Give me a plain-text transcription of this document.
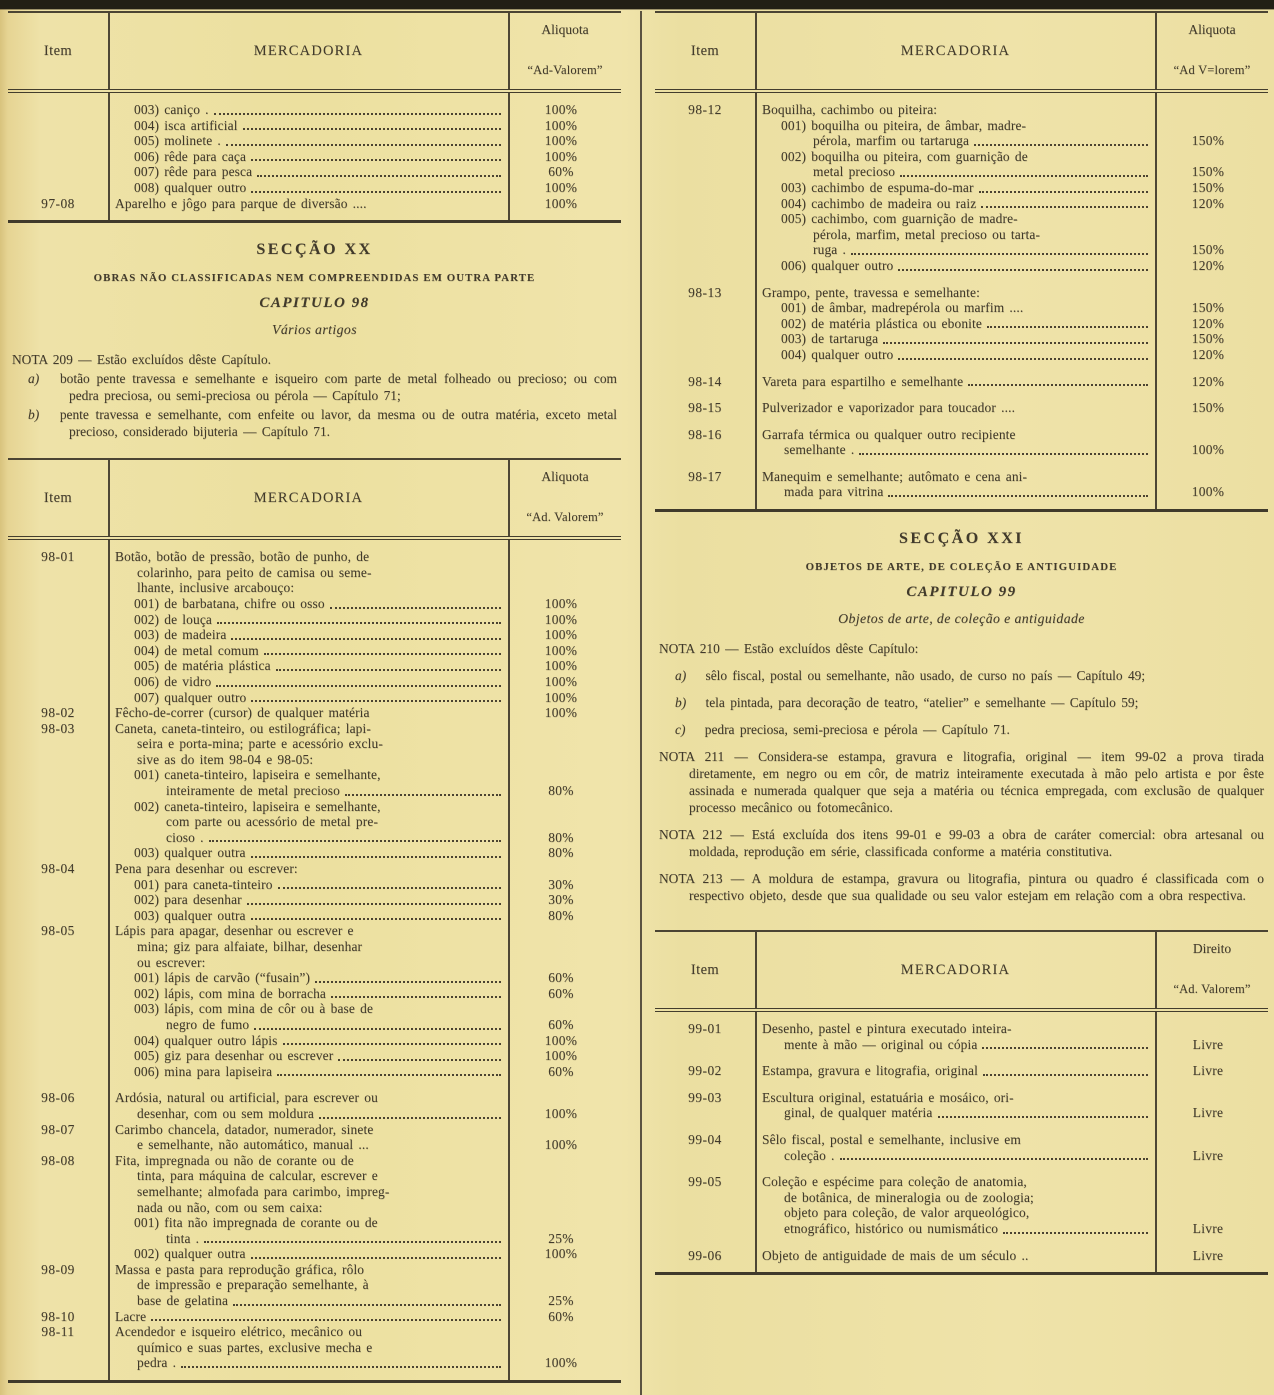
Item	MERCADORIA
Aliquota
“Ad-Valorem”
003) caniço .	100%
004) isca artificial	100%
005) molinete .	100%
006) rêde para caça	100%
007) rêde para pesca	60%
008) qualquer outro	100%
97-08	Aparelho e jôgo para parque de diversão ....	100%
SECÇÃO XX
OBRAS NÃO CLASSIFICADAS NEM COMPREENDIDAS EM OUTRA PARTE
CAPITULO 98
Vários artigos

NOTA 209 — Estão excluídos dêste Capítulo.

a) botão pente travessa e semelhante e isqueiro com parte de metal folheado ou precioso; ou com pedra preciosa, ou semi-preciosa ou pérola — Capítulo 71;

b) pente travessa e semelhante, com enfeite ou lavor, da mesma ou de outra matéria, exceto metal precioso, considerado bijuteria — Capítulo 71.

Item	MERCADORIA
Aliquota
“Ad. Valorem”
98-01	Botão, botão de pressão, botão de punho, de
colarinho, para peito de camisa ou seme-
lhante, inclusive arcabouço:
001) de barbatana, chifre ou osso	100%
002) de louça	100%
003) de madeira	100%
004) de metal comum	100%
005) de matéria plástica	100%
006) de vidro	100%
007) qualquer outro	100%
98-02	Fêcho-de-correr (cursor) de qualquer matéria	100%
98-03	Caneta, caneta-tinteiro, ou estilográfica; lapi-
seira e porta-mina; parte e acessório exclu-
sive as do item 98-04 e 98-05:
001) caneta-tinteiro, lapiseira e semelhante,
inteiramente de metal precioso	80%
002) caneta-tinteiro, lapiseira e semelhante,
com parte ou acessório de metal pre-
cioso .	80%
003) qualquer outra	80%
98-04	Pena para desenhar ou escrever:
001) para caneta-tinteiro	30%
002) para desenhar	30%
003) qualquer outra	80%
98-05	Lápis para apagar, desenhar ou escrever e
mina; giz para alfaiate, bilhar, desenhar
ou escrever:
001) lápis de carvão (“fusain”)	60%
002) lápis, com mina de borracha	60%
003) lápis, com mina de côr ou à base de
negro de fumo	60%
004) qualquer outro lápis	100%
005) giz para desenhar ou escrever	100%
006) mina para lapiseira	60%
98-06	Ardósia, natural ou artificial, para escrever ou
desenhar, com ou sem moldura	100%
98-07	Carimbo chancela, datador, numerador, sinete
e semelhante, não automático, manual ...	100%
98-08	Fita, impregnada ou não de corante ou de
tinta, para máquina de calcular, escrever e
semelhante; almofada para carimbo, impreg-
nada ou não, com ou sem caixa:
001) fita não impregnada de corante ou de
tinta .	25%
002) qualquer outra	100%
98-09	Massa e pasta para reprodução gráfica, rôlo
de impressão e preparação semelhante, à
base de gelatina	25%
98-10	Lacre	60%
98-11	Acendedor e isqueiro elétrico, mecânico ou
químico e suas partes, exclusive mecha e
pedra .	100%
Item	MERCADORIA
Aliquota
“Ad V=lorem”
98-12	Boquilha, cachimbo ou piteira:
001) boquilha ou piteira, de âmbar, madre-
pérola, marfim ou tartaruga	150%
002) boquilha ou piteira, com guarnição de
metal precioso	150%
003) cachimbo de espuma-do-mar	150%
004) cachimbo de madeira ou raiz	120%
005) cachimbo, com guarnição de madre-
pérola, marfim, metal precioso ou tarta-
ruga .	150%
006) qualquer outro	120%
98-13	Grampo, pente, travessa e semelhante:
001) de âmbar, madrepérola ou marfim ....	150%
002) de matéria plástica ou ebonite	120%
003) de tartaruga	150%
004) qualquer outro	120%
98-14	Vareta para espartilho e semelhante	120%
98-15	Pulverizador e vaporizador para toucador ....	150%
98-16	Garrafa térmica ou qualquer outro recipiente
semelhante .	100%
98-17	Manequim e semelhante; autômato e cena ani-
mada para vitrina	100%
SECÇÃO XXI
OBJETOS DE ARTE, DE COLEÇÃO E ANTIGUIDADE
CAPITULO 99
Objetos de arte, de coleção e antiguidade

NOTA 210 — Estão excluídos dêste Capítulo:

a) sêlo fiscal, postal ou semelhante, não usado, de curso no país — Capítulo 49;

b) tela pintada, para decoração de teatro, “atelier” e semelhante — Capítulo 59;

c) pedra preciosa, semi-preciosa e pérola — Capítulo 71.

NOTA 211 — Considera-se estampa, gravura e litografia, original — item 99-02 a prova tirada diretamente, em negro ou em côr, de matriz inteiramente executada à mão pelo artista e por êste assinada e numerada qualquer que seja a matéria ou técnica empregada, com exclusão de qualquer processo mecânico ou fotomecânico.

NOTA 212 — Está excluída dos itens 99-01 e 99-03 a obra de caráter comercial: obra artesanal ou moldada, reprodução em série, classificada conforme a matéria constitutiva.

NOTA 213 — A moldura de estampa, gravura ou litografia, pintura ou quadro é classificada com o respectivo objeto, desde que sua qualidade ou seu valor estejam em relação com a obra respectiva.

Item	MERCADORIA
Direito
“Ad. Valorem”
99-01	Desenho, pastel e pintura executado inteira-
mente à mão — original ou cópia	Livre
99-02	Estampa, gravura e litografia, original	Livre
99-03	Escultura original, estatuária e mosáico, ori-
ginal, de qualquer matéria	Livre
99-04	Sêlo fiscal, postal e semelhante, inclusive em
coleção .	Livre
99-05	Coleção e espécime para coleção de anatomia,
de botânica, de mineralogia ou de zoologia;
objeto para coleção, de valor arqueológico,
etnográfico, histórico ou numismático	Livre
99-06	Objeto de antiguidade de mais de um século ..	Livre
